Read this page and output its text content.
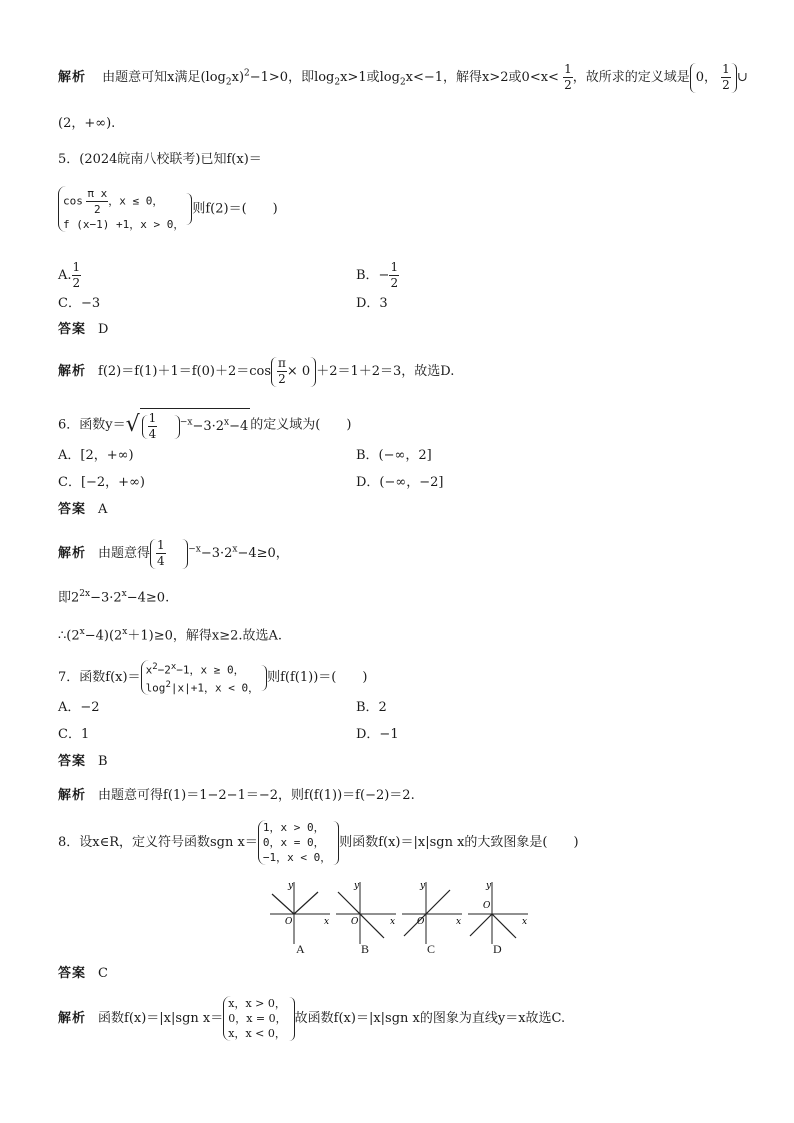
解析 由题意可知x满足$(\log_2x)^2-1>0$，即$\log_2x>1$或$\log_2x<-1$，解得x>2或$0<x< \frac{1}{2}$ ，故所求的定义域是 0， $\frac{1}{2}$ ∪
(2，+∞).
5．(2024皖南八校联考)已知f(x)＝
$\cos \frac{\text{π x}}{2}$ ，x ≤ 0，
f (x−1) +1，x > 0，则f(2)＝(　　)
A. $\frac{1}{2}$	B．− $\frac{1}{2}$
C．−3	D．3
答案 D
解析 $f(2)=f(1)+1=f(0)+2=\cos \frac{\pi}{2} \times 0 +2=1+2=3$，故选D.
6．函数$y=√ \frac{1}{4}$	$^{-x}-3\cdot 2^x-4$ 的定义域为(　　)
A．[2，+∞)	B．(−∞，2]
C．[−2，+∞)	D．(−∞，−2]
答案 A
解析 由题意得 $\frac{1}{4}$	$^{-x}-3\cdot 2^x-4\ge 0$，
即$2^{2x}-3\cdot 2^x-4\ge 0$.
$\therefore(2^x-4)(2^x+1)\ge 0$，解得x≥2.故选A.
7．函数$f(x)= x^2-2^x-1$，x ≥ 0，
$\log^2|x|+1$，x < 0，则f(f(1))＝(　　)
A．−2	B．2
C．1	D．−1
答案 B
解析 由题意可得f(1)＝1−2−1＝−2，则f(f(1))＝f(−2)＝2.
8．设x∈R，定义符号函数sgn x＝1，x > 0，
0，x = 0，
−1，x < 0，则函数f(x)＝|x|sgn x的大致图象是(　　)
y
x
O
y
x
O
y
x
O
y
x
O
A	B	C	D
答案 C
解析 函数f(x)＝|x|sgn x＝x，x > 0，
0，x = 0，
x，x < 0，故函数f(x)＝|x|sgn x的图象为直线y＝x故选C.
